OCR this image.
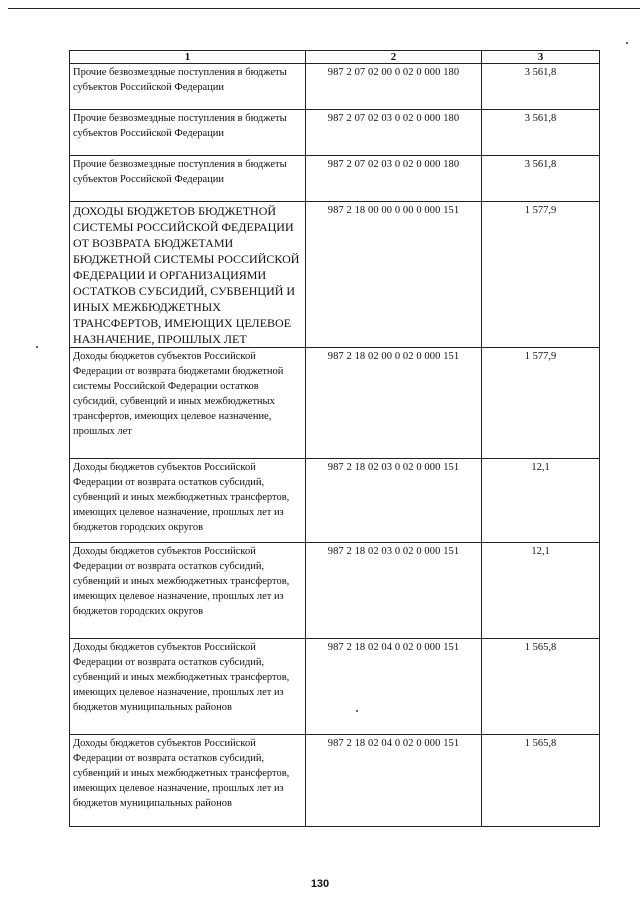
1	2	3
Прочие безвозмездные поступления в бюджеты субъектов Российской Федерации	987 2 07 02 00 0 02 0 000 180	3 561,8
Прочие безвозмездные поступления в бюджеты субъектов Российской Федерации	987 2 07 02 03 0 02 0 000 180	3 561,8
Прочие безвозмездные поступления в бюджеты субъектов Российской Федерации	987 2 07 02 03 0 02 0 000 180	3 561,8
ДОХОДЫ БЮДЖЕТОВ БЮДЖЕТНОЙ СИСТЕМЫ РОССИЙСКОЙ ФЕДЕРАЦИИ ОТ ВОЗВРАТА БЮДЖЕТАМИ БЮДЖЕТНОЙ СИСТЕМЫ РОССИЙСКОЙ ФЕДЕРАЦИИ И ОРГАНИЗАЦИЯМИ ОСТАТКОВ СУБСИДИЙ, СУБВЕНЦИЙ И ИНЫХ МЕЖБЮДЖЕТНЫХ ТРАНСФЕРТОВ, ИМЕЮЩИХ ЦЕЛЕВОЕ НАЗНАЧЕНИЕ, ПРОШЛЫХ ЛЕТ	987 2 18 00 00 0 00 0 000 151	1 577,9
Доходы бюджетов субъектов Российской Федерации от возврата бюджетами бюджетной системы Российской Федерации остатков субсидий, субвенций и иных межбюджетных трансфертов, имеющих целевое назначение, прошлых лет	987 2 18 02 00 0 02 0 000 151	1 577,9
Доходы бюджетов субъектов Российской Федерации от возврата остатков субсидий, субвенций и иных межбюджетных трансфертов, имеющих целевое назначение, прошлых лет из бюджетов городских округов	987 2 18 02 03 0 02 0 000 151	12,1
Доходы бюджетов субъектов Российской Федерации от возврата остатков субсидий, субвенций и иных межбюджетных трансфертов, имеющих целевое назначение, прошлых лет из бюджетов городских округов	987 2 18 02 03 0 02 0 000 151	12,1
Доходы бюджетов субъектов Российской Федерации от возврата остатков субсидий, субвенций и иных межбюджетных трансфертов, имеющих целевое назначение, прошлых лет из бюджетов муниципальных районов	987 2 18 02 04 0 02 0 000 151	1 565,8
Доходы бюджетов субъектов Российской Федерации от возврата остатков субсидий, субвенций и иных межбюджетных трансфертов, имеющих целевое назначение, прошлых лет из бюджетов муниципальных районов	987 2 18 02 04 0 02 0 000 151	1 565,8
130
